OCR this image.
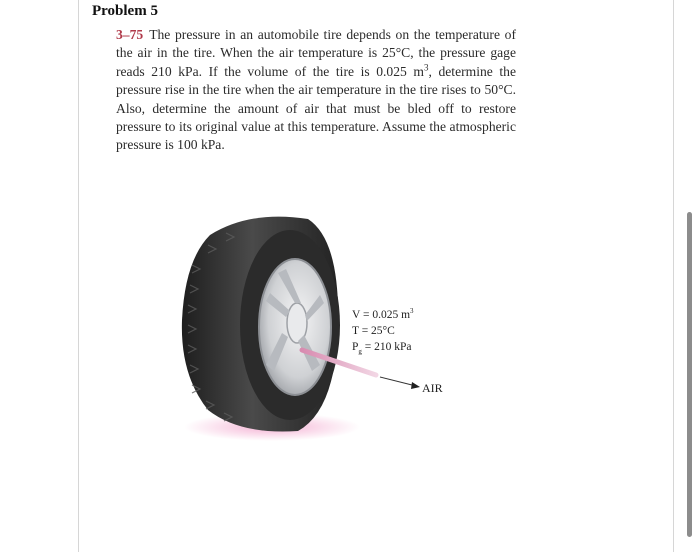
Problem 5
3–75 The pressure in an automobile tire depends on the temperature of the air in the tire. When the air temperature is 25°C, the pressure gage reads 210 kPa. If the volume of the tire is 0.025 $m^3$, determine the pressure rise in the tire when the air temperature in the tire rises to 50°C. Also, determine the amount of air that must be bled off to restore pressure to its original value at this temperature. Assume the atmospheric pressure is 100 kPa.
V = 0.025 $m^3$
T = 25°C
$P_g = 210$ kPa
AIR
